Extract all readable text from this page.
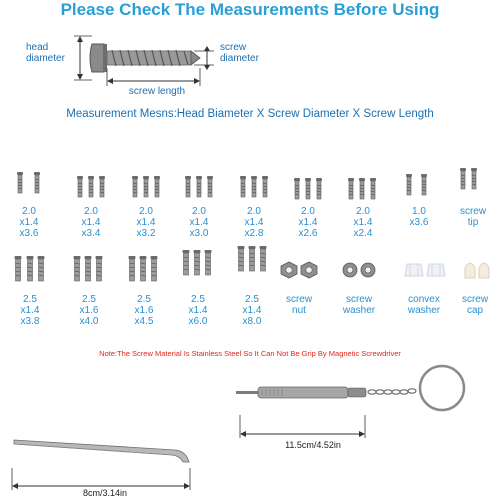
Please Check The Measurements Before Using
head
diameter
screw
diameter
screw length
Measurement Mesns:Head Biameter X Screw Diameter X Screw Length
2.0
x1.4
x3.6
2.0
x1.4
x3.4
2.0
x1.4
x3.2
2.0
x1.4
x3.0
2.0
x1.4
x2.8
2.0
x1.4
x2.6
2.0
x1.4
x2.4
1.0
x3.6
screw
tip
2.5
x1.4
x3.8
2.5
x1.6
x4.0
2.5
x1.6
x4.5
2.5
x1.4
x6.0
2.5
x1.4
x8.0
screw
nut
screw
washer
convex
washer
screw
cap
Note:The Screw Material Is Stainless Steel So It Can Not Be Grip By Magnetic Screwdriver
11.5cm/4.52in
8cm/3.14in
